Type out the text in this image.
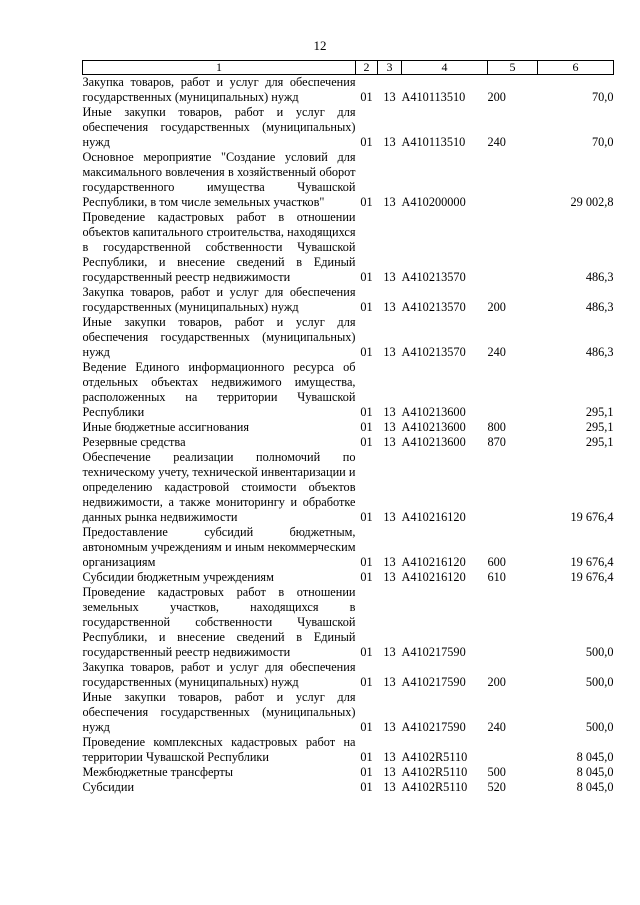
12
1	2	3	4	5	6
Закупка товаров, работ и услуг для обеспечения государственных (муниципальных) нужд	01	13	A410113510	200	70,0
Иные закупки товаров, работ и услуг для обеспечения государственных (муниципальных) нужд	01	13	A410113510	240	70,0
Основное мероприятие "Создание условий для максимального вовлечения в хозяйственный оборот государственного имущества Чувашской Республики, в том числе земельных участков"	01	13	A410200000		29 002,8
Проведение кадастровых работ в отношении объектов капитального строительства, находящихся в государственной собственности Чувашской Республики, и внесение сведений в Единый государственный реестр недвижимости	01	13	A410213570		486,3
Закупка товаров, работ и услуг для обеспечения государственных (муниципальных) нужд	01	13	A410213570	200	486,3
Иные закупки товаров, работ и услуг для обеспечения государственных (муниципальных) нужд	01	13	A410213570	240	486,3
Ведение Единого информационного ресурса об отдельных объектах недвижимого имущества, расположенных на территории Чувашской Республики	01	13	A410213600		295,1
Иные бюджетные ассигнования	01	13	A410213600	800	295,1
Резервные средства	01	13	A410213600	870	295,1
Обеспечение реализации полномочий по техническому учету, технической инвентаризации и определению кадастровой стоимости объектов недвижимости, а также мониторингу и обработке данных рынка недвижимости	01	13	A410216120		19 676,4
Предоставление субсидий бюджетным, автономным учреждениям и иным некоммерческим организациям	01	13	A410216120	600	19 676,4
Субсидии бюджетным учреждениям	01	13	A410216120	610	19 676,4
Проведение кадастровых работ в отношении земельных участков, находящихся в государственной собственности Чувашской Республики, и внесение сведений в Единый государственный реестр недвижимости	01	13	A410217590		500,0
Закупка товаров, работ и услуг для обеспечения государственных (муниципальных) нужд	01	13	A410217590	200	500,0
Иные закупки товаров, работ и услуг для обеспечения государственных (муниципальных) нужд	01	13	A410217590	240	500,0
Проведение комплексных кадастровых работ на территории Чувашской Республики	01	13	A4102R5110		8 045,0
Межбюджетные трансферты	01	13	A4102R5110	500	8 045,0
Субсидии	01	13	A4102R5110	520	8 045,0
